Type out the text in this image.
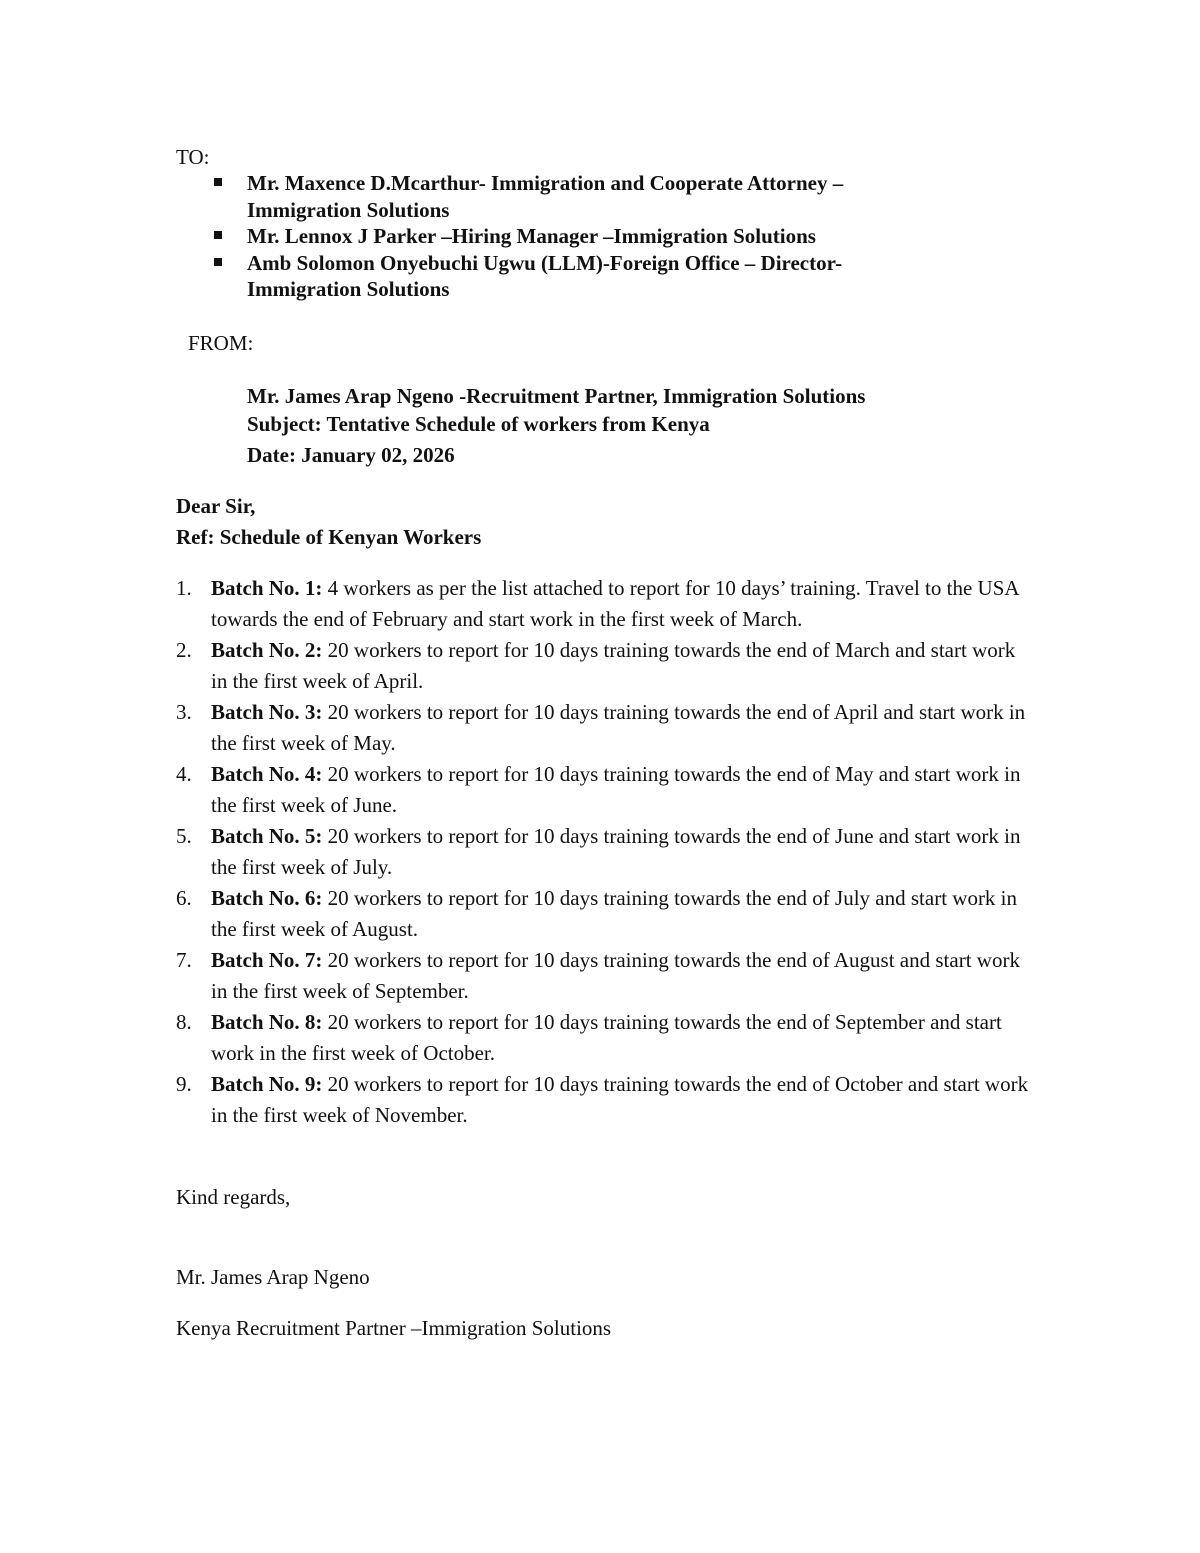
TO:
Mr. Maxence D.Mcarthur- Immigration and Cooperate Attorney – Immigration Solutions
Mr. Lennox J Parker –Hiring Manager –Immigration Solutions
Amb Solomon Onyebuchi Ugwu (LLM)-Foreign Office – Director- Immigration Solutions
FROM:
Mr. James Arap Ngeno -Recruitment Partner, Immigration Solutions
Subject: Tentative Schedule of workers from Kenya
Date: January 02, 2026
Dear Sir,
Ref: Schedule of Kenyan Workers
1. Batch No. 1: 4 workers as per the list attached to report for 10 days’ training. Travel to the USA towards the end of February and start work in the first week of March.
2. Batch No. 2: 20 workers to report for 10 days training towards the end of March and start work in the first week of April.
3. Batch No. 3: 20 workers to report for 10 days training towards the end of April and start work in the first week of May.
4. Batch No. 4: 20 workers to report for 10 days training towards the end of May and start work in the first week of June.
5. Batch No. 5: 20 workers to report for 10 days training towards the end of June and start work in the first week of July.
6. Batch No. 6: 20 workers to report for 10 days training towards the end of July and start work in the first week of August.
7. Batch No. 7: 20 workers to report for 10 days training towards the end of August and start work in the first week of September.
8. Batch No. 8: 20 workers to report for 10 days training towards the end of September and start work in the first week of October.
9. Batch No. 9: 20 workers to report for 10 days training towards the end of October and start work in the first week of November.
Kind regards,
Mr. James Arap Ngeno
Kenya Recruitment Partner –Immigration Solutions
